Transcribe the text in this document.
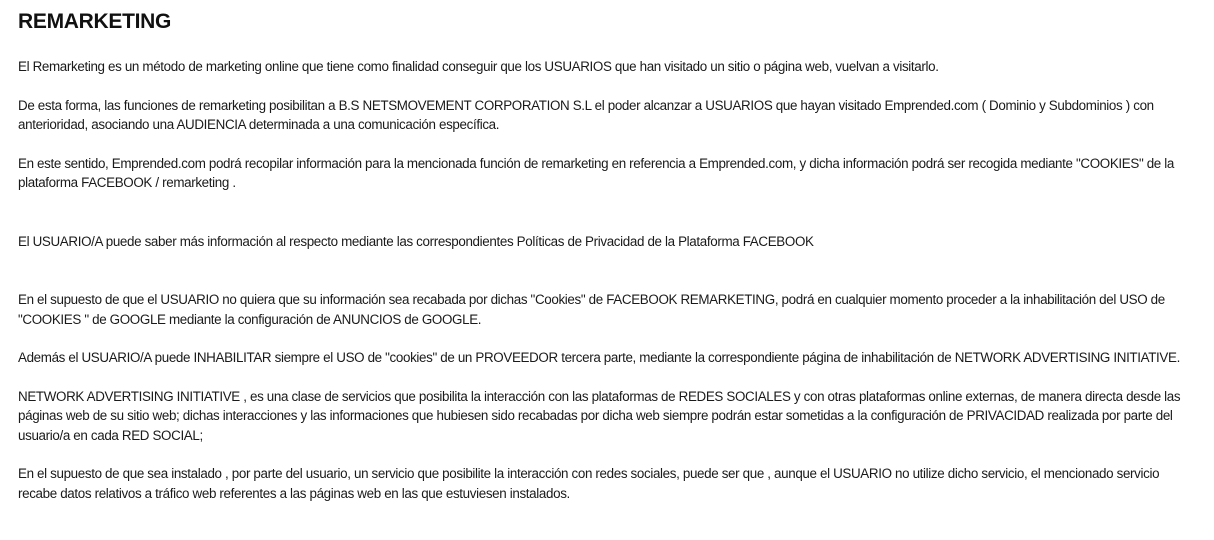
REMARKETING

El Remarketing es un método de marketing online que tiene como finalidad conseguir que los USUARIOS que han visitado un sitio o página web, vuelvan a visitarlo.

De esta forma, las funciones de remarketing posibilitan a B.S NETSMOVEMENT CORPORATION S.L el poder alcanzar a USUARIOS que hayan visitado Emprended.com ( Dominio y Subdominios ) con anterioridad, asociando una AUDIENCIA determinada a una comunicación específica.

En este sentido, Emprended.com podrá recopilar información para la mencionada función de remarketing en referencia a Emprended.com, y dicha información podrá ser recogida mediante "COOKIES" de la plataforma FACEBOOK / remarketing .

El USUARIO/A puede saber más información al respecto mediante las correspondientes Políticas de Privacidad de la Plataforma FACEBOOK

En el supuesto de que el USUARIO no quiera que su información sea recabada por dichas "Cookies" de FACEBOOK REMARKETING, podrá en cualquier momento proceder a la inhabilitación del USO de "COOKIES " de GOOGLE mediante la configuración de ANUNCIOS de GOOGLE.

Además el USUARIO/A puede INHABILITAR siempre el USO de "cookies" de un PROVEEDOR tercera parte, mediante la correspondiente página de inhabilitación de NETWORK ADVERTISING INITIATIVE.

NETWORK ADVERTISING INITIATIVE , es una clase de servicios que posibilita la interacción con las plataformas de REDES SOCIALES y con otras plataformas online externas, de manera directa desde las páginas web de su sitio web; dichas interacciones y las informaciones que hubiesen sido recabadas por dicha web siempre podrán estar sometidas a la configuración de PRIVACIDAD realizada por parte del usuario/a en cada RED SOCIAL;

En el supuesto de que sea instalado , por parte del usuario, un servicio que posibilite la interacción con redes sociales, puede ser que , aunque el USUARIO no utilize dicho servicio, el mencionado servicio recabe datos relativos a tráfico web referentes a las páginas web en las que estuviesen instalados.
